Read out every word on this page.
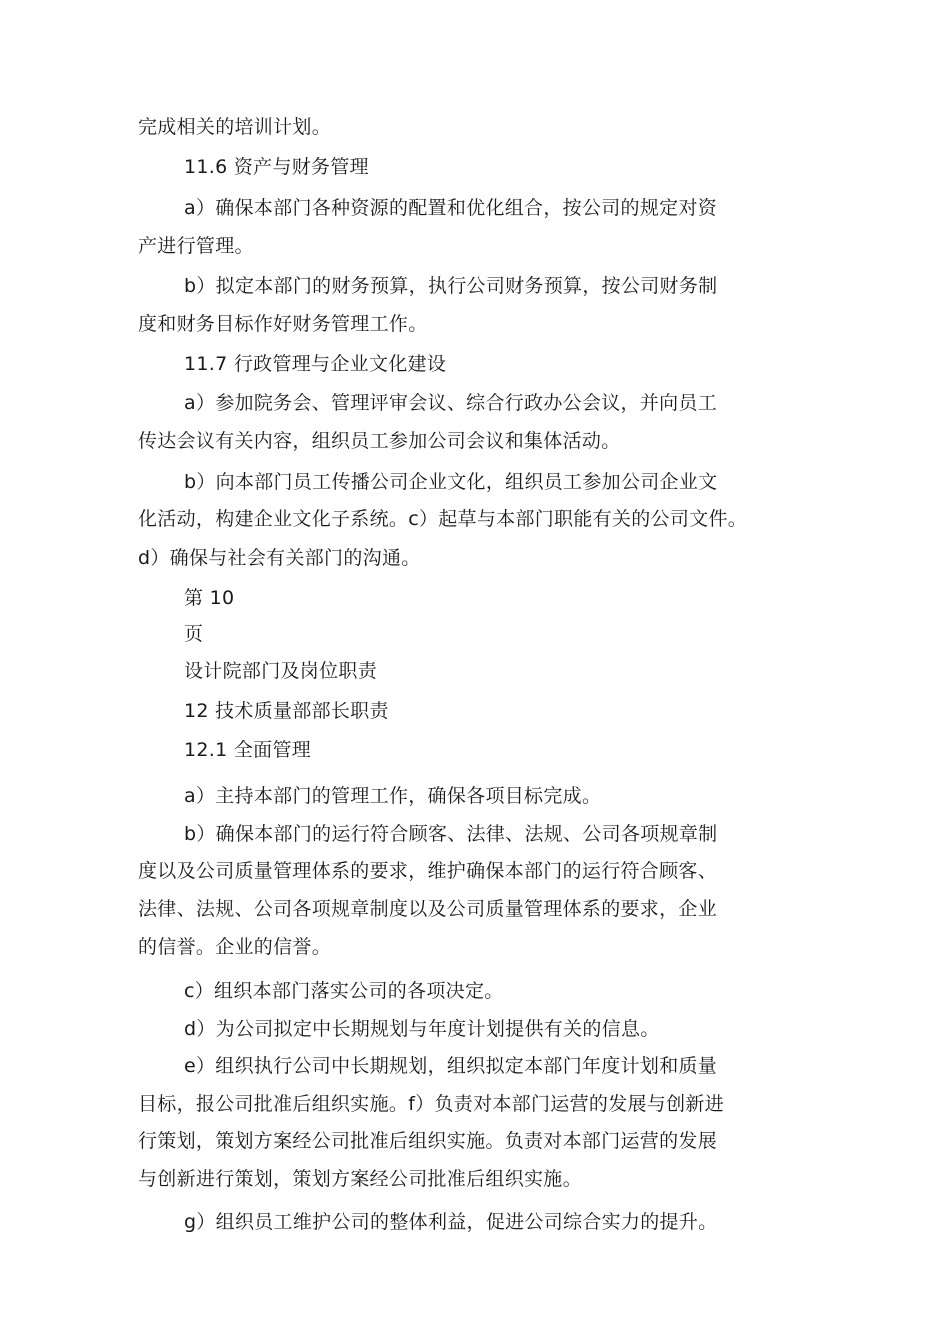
完成相关的培训计划。

11.6 资产与财务管理

a）确保本部门各种资源的配置和优化组合，按公司的规定对资

产进行管理。

b）拟定本部门的财务预算，执行公司财务预算，按公司财务制

度和财务目标作好财务管理工作。

11.7 行政管理与企业文化建设

a）参加院务会、管理评审会议、综合行政办公会议，并向员工

传达会议有关内容，组织员工参加公司会议和集体活动。

b）向本部门员工传播公司企业文化，组织员工参加公司企业文

化活动，构建企业文化子系统。c）起草与本部门职能有关的公司文件。

d）确保与社会有关部门的沟通。

第 10

页

设计院部门及岗位职责

12 技术质量部部长职责

12.1 全面管理

a）主持本部门的管理工作，确保各项目标完成。

b）确保本部门的运行符合顾客、法律、法规、公司各项规章制

度以及公司质量管理体系的要求，维护确保本部门的运行符合顾客、

法律、法规、公司各项规章制度以及公司质量管理体系的要求，企业

的信誉。企业的信誉。

c）组织本部门落实公司的各项决定。

d）为公司拟定中长期规划与年度计划提供有关的信息。

e）组织执行公司中长期规划，组织拟定本部门年度计划和质量

目标，报公司批准后组织实施。f）负责对本部门运营的发展与创新进

行策划，策划方案经公司批准后组织实施。负责对本部门运营的发展

与创新进行策划，策划方案经公司批准后组织实施。

g）组织员工维护公司的整体利益，促进公司综合实力的提升。
